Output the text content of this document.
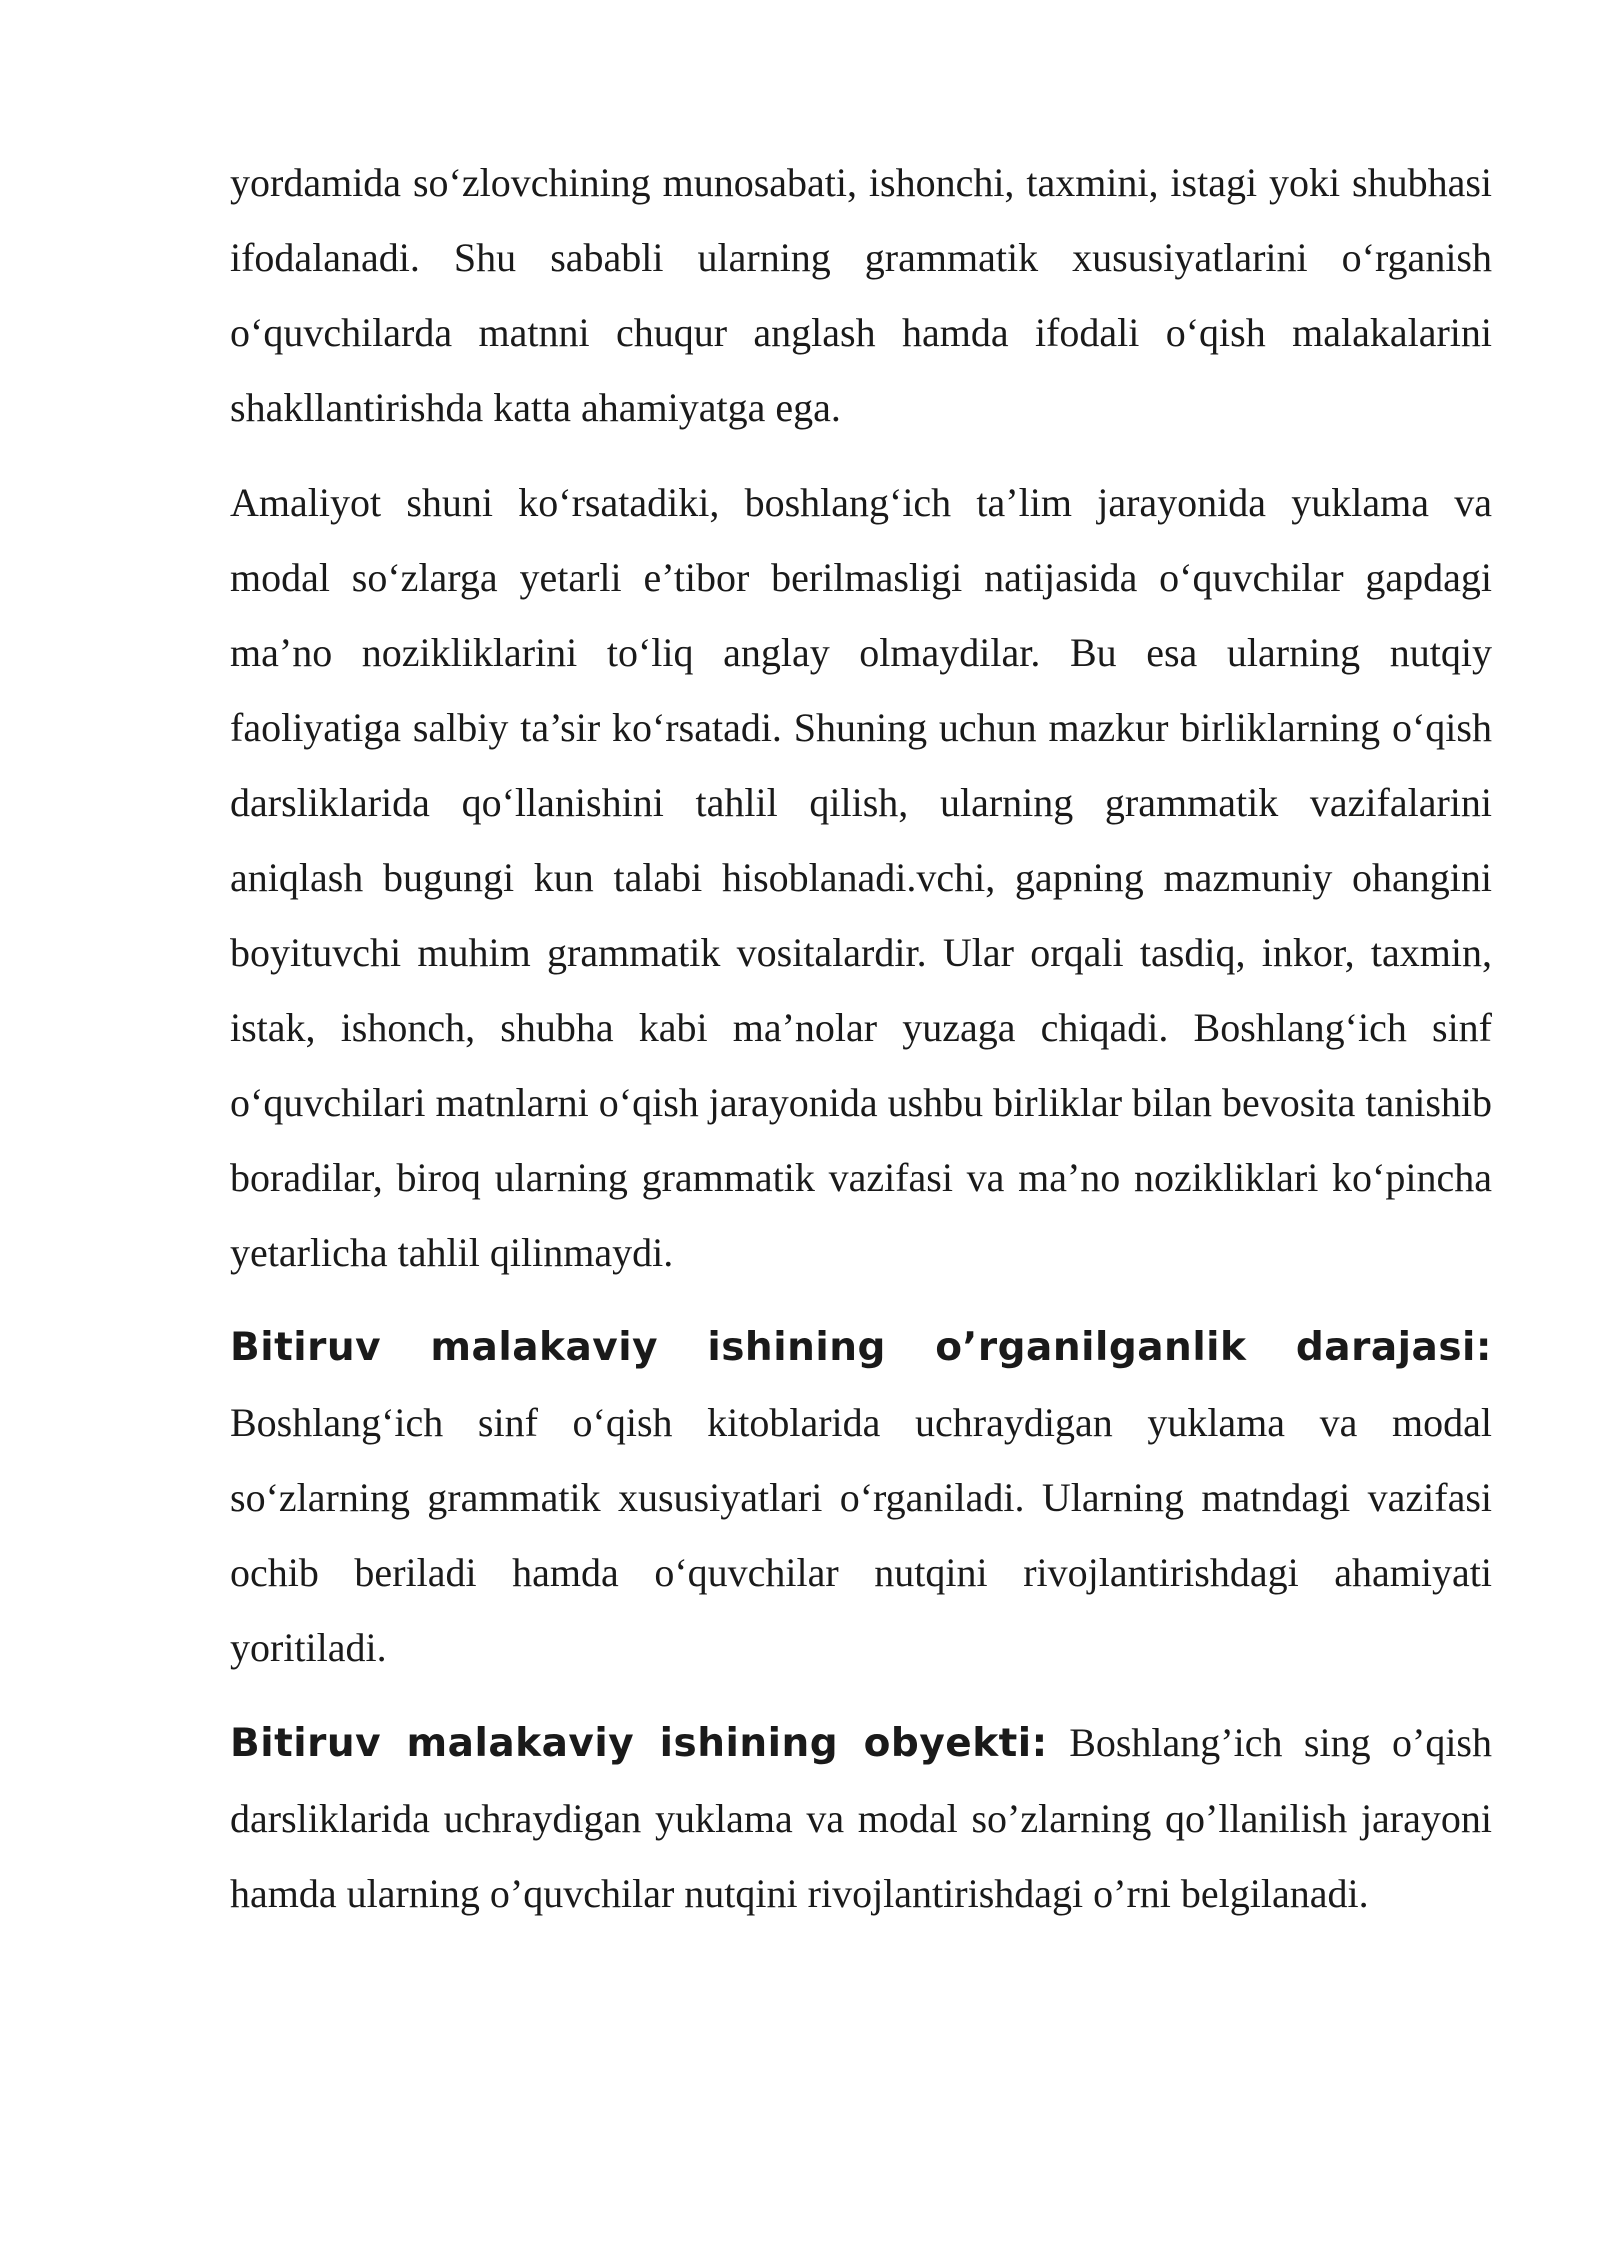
yordamida so‘zlovchining munosabati, ishonchi, taxmini, istagi yoki shubhasi ifodalanadi. Shu sababli ularning grammatik xususiyatlarini o‘rganish o‘quvchilarda matnni chuqur anglash hamda ifodali o‘qish malakalarini shakllantirishda katta ahamiyatga ega.

Amaliyot shuni ko‘rsatadiki, boshlang‘ich ta’lim jarayonida yuklama va modal so‘zlarga yetarli e’tibor berilmasligi natijasida o‘quvchilar gapdagi ma’no nozikliklarini to‘liq anglay olmaydilar. Bu esa ularning nutqiy faoliyatiga salbiy ta’sir ko‘rsatadi. Shuning uchun mazkur birliklarning o‘qish darsliklarida qo‘llanishini tahlil qilish, ularning grammatik vazifalarini aniqlash bugungi kun talabi hisoblanadi.vchi, gapning mazmuniy ohangini boyituvchi muhim grammatik vositalardir. Ular orqali tasdiq, inkor, taxmin, istak, ishonch, shubha kabi ma’nolar yuzaga chiqadi. Boshlang‘ich sinf o‘quvchilari matnlarni o‘qish jarayonida ushbu birliklar bilan bevosita tanishib boradilar, biroq ularning grammatik vazifasi va ma’no nozikliklari ko‘pincha yetarlicha tahlil qilinmaydi.

Bitiruv malakaviy ishining o’rganilganlik darajasi:
Boshlang‘ich sinf o‘qish kitoblarida uchraydigan yuklama va modal so‘zlarning grammatik xususiyatlari o‘rganiladi. Ularning matndagi vazifasi ochib beriladi hamda o‘quvchilar nutqini rivojlantirishdagi ahamiyati yoritiladi.
Bitiruv malakaviy ishining obyekti: Boshlang’ich sing o’qish darsliklarida uchraydigan yuklama va modal so’zlarning qo’llanilish jarayoni hamda ularning o’quvchilar nutqini rivojlantirishdagi o’rni belgilanadi.
